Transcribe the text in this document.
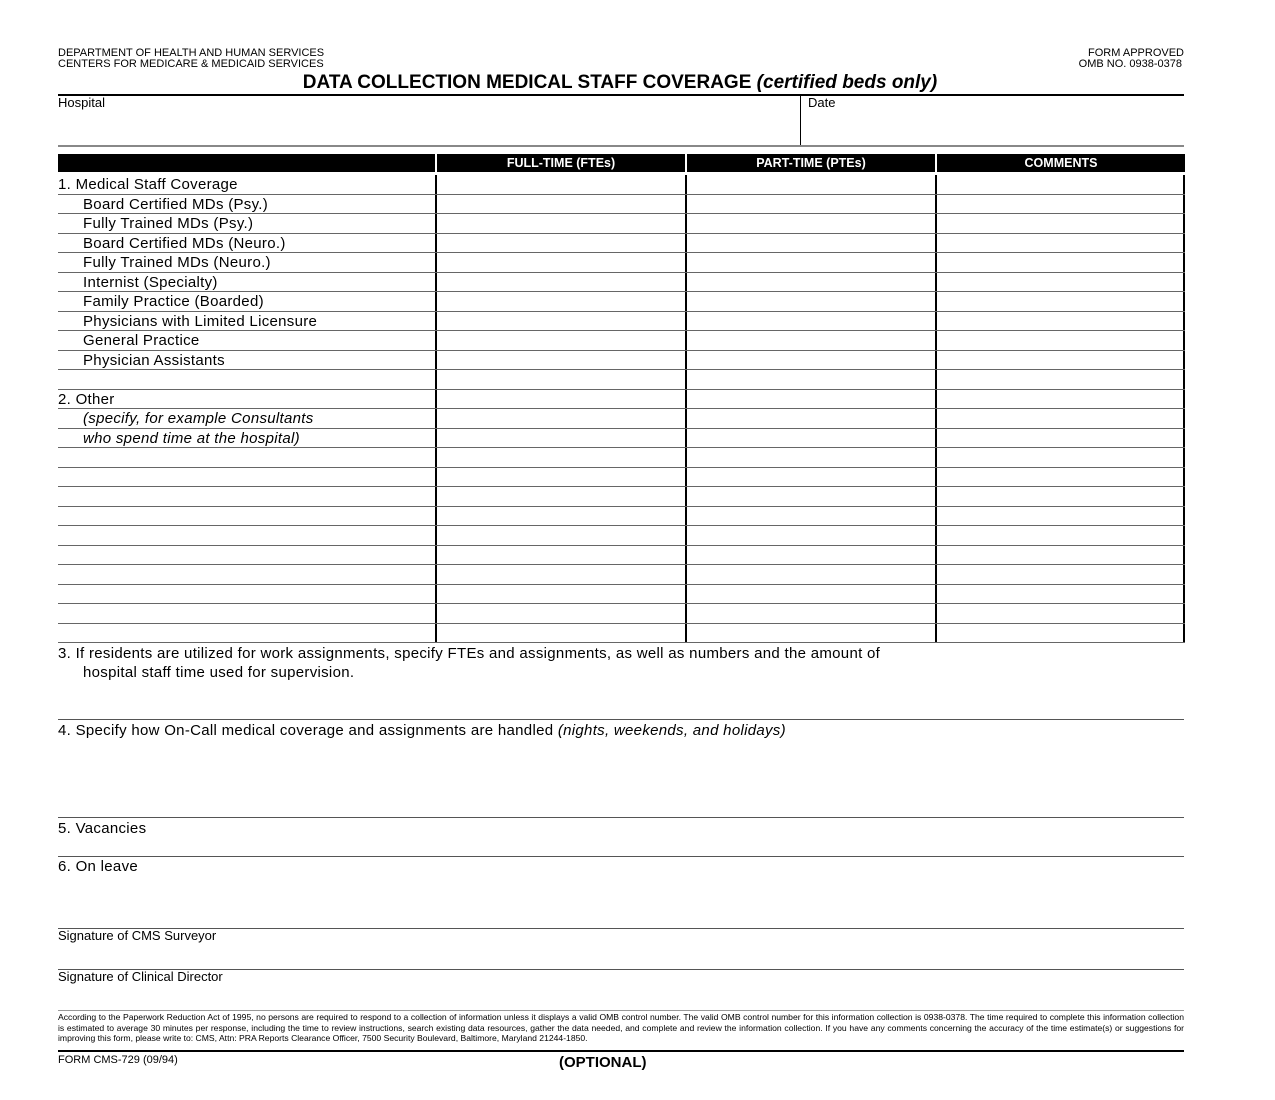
DEPARTMENT OF HEALTH AND HUMAN SERVICES
CENTERS FOR MEDICARE & MEDICAID SERVICES
FORM APPROVED
OMB NO. 0938-0378
DATA COLLECTION MEDICAL STAFF COVERAGE (certified beds only)
Hospital	Date
FULL-TIME (FTEs)	PART-TIME (PTEs)	COMMENTS
1. Medical Staff Coverage
Board Certified MDs (Psy.)
Fully Trained MDs (Psy.)
Board Certified MDs (Neuro.)
Fully Trained MDs (Neuro.)
Internist (Specialty)
Family Practice (Boarded)
Physicians with Limited Licensure
General Practice
Physician Assistants
2. Other
(specify, for example Consultants
who spend time at the hospital)
3. If residents are utilized for work assignments, specify FTEs and assignments, as well as numbers and the amount of
hospital staff time used for supervision.
4. Specify how On-Call medical coverage and assignments are handled (nights, weekends, and holidays)
5. Vacancies
6. On leave
Signature of CMS Surveyor
Signature of Clinical Director
According to the Paperwork Reduction Act of 1995, no persons are required to respond to a collection of information unless it displays a valid OMB control number. The valid OMB control number for this information collection is 0938-0378. The time required to complete this information collection is estimated to average 30 minutes per response, including the time to review instructions, search existing data resources, gather the data needed, and complete and review the information collection. If you have any comments concerning the accuracy of the time estimate(s) or suggestions for improving this form, please write to: CMS, Attn: PRA Reports Clearance Officer, 7500 Security Boulevard, Baltimore, Maryland 21244-1850.
FORM CMS-729 (09/94)	(OPTIONAL)
